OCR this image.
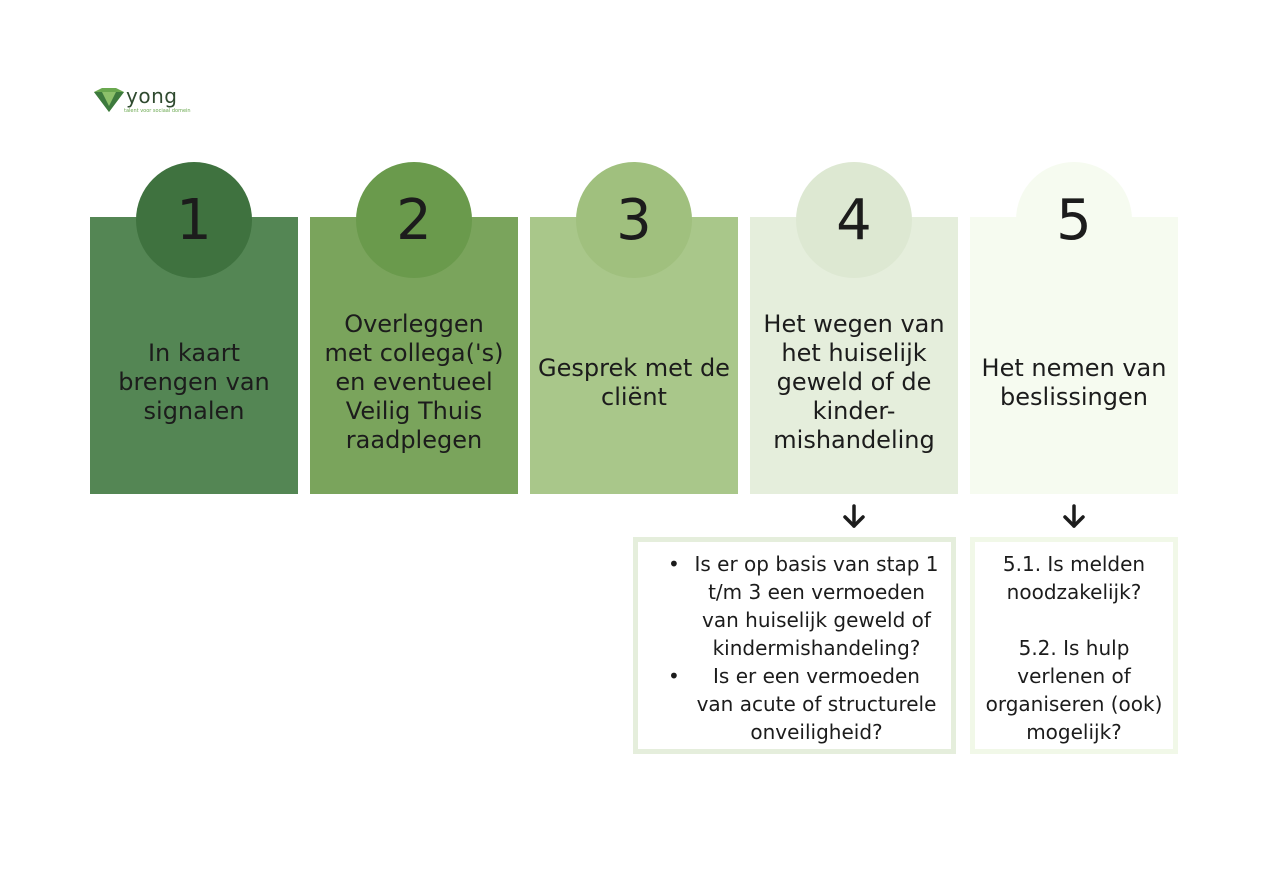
yong
talent voor sociaal domein
1
In kaart brengen van signalen
2
Overleggen met collega('s) en eventueel Veilig Thuis raadplegen
3
Gesprek met de cliënt
4
Het wegen van het huiselijk geweld of de kinder-mishandeling
5
Het nemen van beslissingen
• Is er op basis van stap 1 t/m 3 een vermoeden van huiselijk geweld of kindermishandeling?
• Is er een vermoeden van acute of structurele onveiligheid?

5.1. Is melden noodzakelijk?

5.2. Is hulp verlenen of organiseren (ook) mogelijk?
